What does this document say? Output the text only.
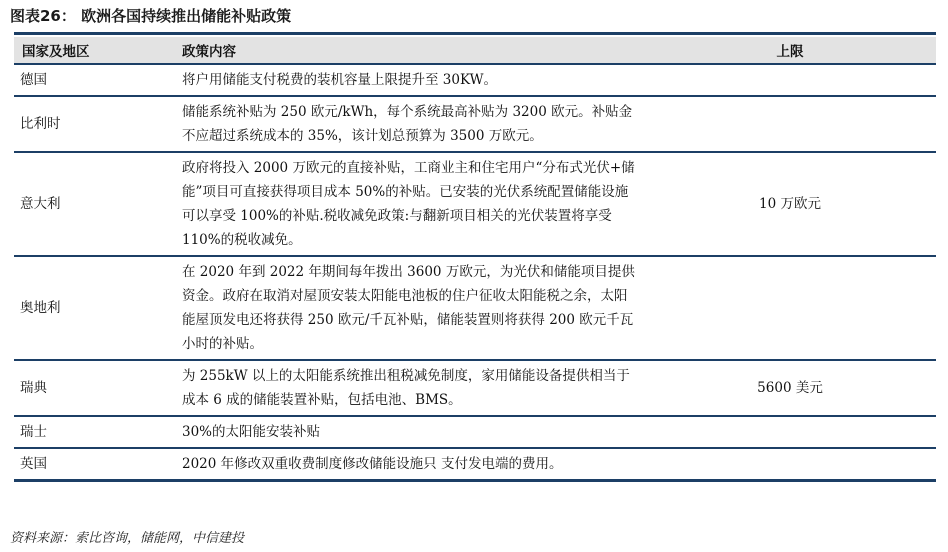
图表26： 欧洲各国持续推出储能补贴政策
国家及地区	政策内容	上限
德国	将户用储能支付税费的装机容量上限提升至 30KW。	
比利时	储能系统补贴为 250 欧元/kWh，每个系统最高补贴为 3200 欧元。补贴金不应超过系统成本的 35%，该计划总预算为 3500 万欧元。	
意大利	政府将投入 2000 万欧元的直接补贴，工商业主和住宅用户“分布式光伏+储能”项目可直接获得项目成本 50%的补贴。已安装的光伏系统配置储能设施可以享受 100%的补贴.税收减免政策:与翻新项目相关的光伏装置将享受 110%的税收减免。	10 万欧元
奥地利	在 2020 年到 2022 年期间每年拨出 3600 万欧元，为光伏和储能项目提供资金。政府在取消对屋顶安装太阳能电池板的住户征收太阳能税之余，太阳能屋顶发电还将获得 250 欧元/千瓦补贴，储能装置则将获得 200 欧元千瓦小时的补贴。	
瑞典	为 255kW 以上的太阳能系统推出租税减免制度，家用储能设备提供相当于成本 6 成的储能装置补贴，包括电池、BMS。	5600 美元
瑞士	30%的太阳能安装补贴	
英国	2020 年修改双重收费制度修改储能设施只 支付发电端的费用。	
资料来源：索比咨询，储能网，中信建投
